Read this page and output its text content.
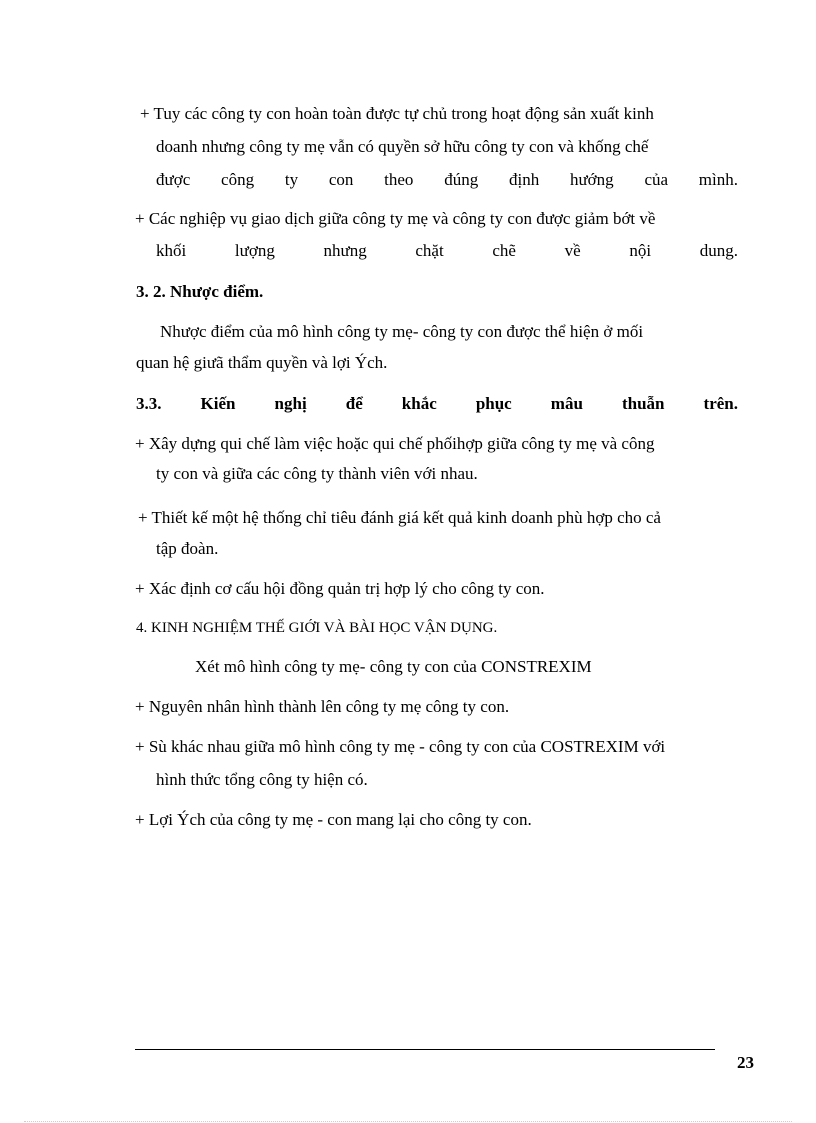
+ Tuy các công ty con hoàn toàn được tự chủ trong hoạt động sản xuất kinh
doanh nhưng công ty mẹ vẫn có quyền sở hữu công ty con và khống chế
được công ty con theo đúng định hướng của mình.
+ Các nghiệp vụ giao dịch giữa công ty mẹ và công ty con được giảm bớt về
khối lượng nhưng chặt chẽ về nội dung.
3. 2. Nhược điểm.
Nhược điểm của mô hình công ty mẹ- công ty con được thể hiện ở mối
quan hệ giưã thẩm quyền và lợi Ých.
3.3. Kiến nghị để khắc phục mâu thuẫn trên.
+ Xây dựng qui chế làm việc hoặc qui chế phốihợp giữa công ty mẹ và công
ty con và giữa các công ty thành viên với nhau.
+ Thiết kế một hệ thống chỉ tiêu đánh giá kết quả kinh doanh phù hợp cho cả
tập đoàn.
+ Xác định cơ cấu hội đồng quản trị hợp lý cho công ty con.
4. KINH NGHIỆM THẾ GIỚI VÀ BÀI HỌC VẬN DỤNG.
Xét mô hình công ty mẹ- công ty con của CONSTREXIM
+ Nguyên nhân hình thành lên công ty mẹ công ty con.
+ Sù khác nhau giữa mô hình công ty mẹ - công ty con của COSTREXIM với
hình thức tổng công ty hiện có.
+ Lợi Ých của công ty mẹ - con mang lại cho công ty con.
23
